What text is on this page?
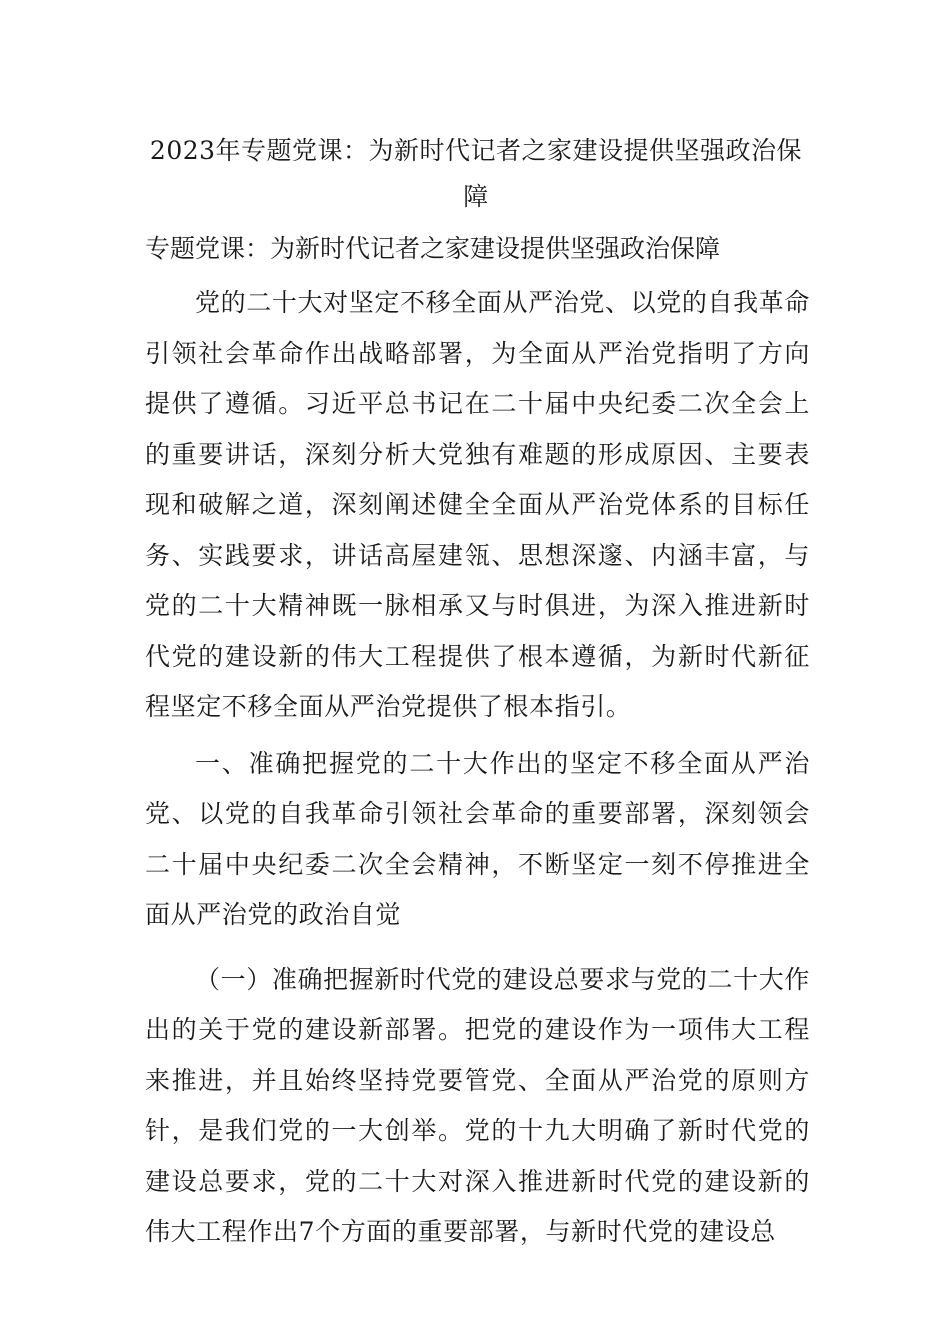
2023年专题党课：为新时代记者之家建设提供坚强政治保障
专题党课：为新时代记者之家建设提供坚强政治保障

党的二十大对坚定不移全面从严治党、以党的自我革命引领社会革命作出战略部署，为全面从严治党指明了方向提供了遵循。习近平总书记在二十届中央纪委二次全会上的重要讲话，深刻分析大党独有难题的形成原因、主要表现和破解之道，深刻阐述健全全面从严治党体系的目标任务、实践要求，讲话高屋建瓴、思想深邃、内涵丰富，与党的二十大精神既一脉相承又与时俱进，为深入推进新时代党的建设新的伟大工程提供了根本遵循，为新时代新征程坚定不移全面从严治党提供了根本指引。

一、准确把握党的二十大作出的坚定不移全面从严治党、以党的自我革命引领社会革命的重要部署，深刻领会二十届中央纪委二次全会精神，不断坚定一刻不停推进全面从严治党的政治自觉

（一）准确把握新时代党的建设总要求与党的二十大作出的关于党的建设新部署。把党的建设作为一项伟大工程来推进，并且始终坚持党要管党、全面从严治党的原则方针，是我们党的一大创举。党的十九大明确了新时代党的建设总要求，党的二十大对深入推进新时代党的建设新的伟大工程作出7个方面的重要部署，与新时代党的建设总
